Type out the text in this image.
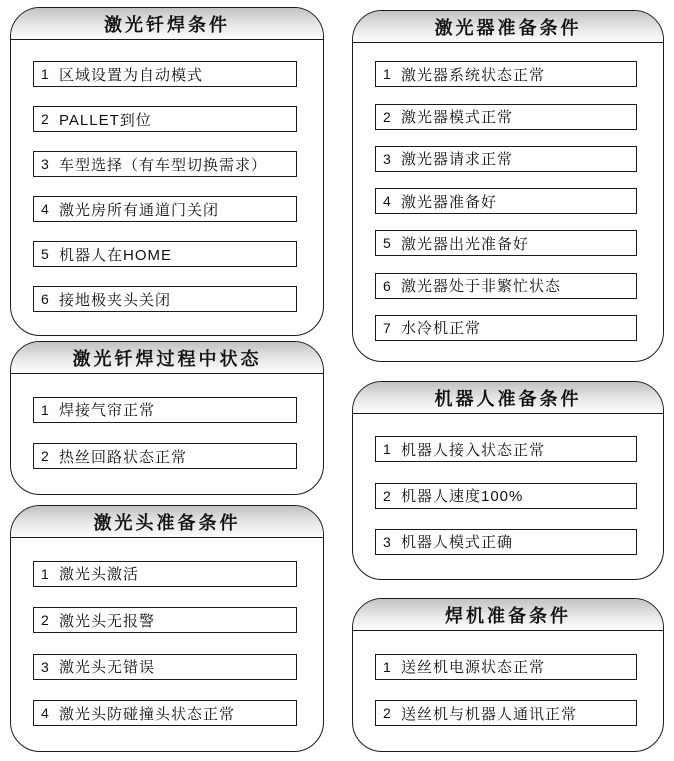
激光钎焊条件
1 区域设置为自动模式
2 PALLET到位
3 车型选择（有车型切换需求）
4 激光房所有通道门关闭
5 机器人在HOME
6 接地极夹头关闭
激光钎焊过程中状态
1 焊接气帘正常
2 热丝回路状态正常
激光头准备条件
1 激光头激活
2 激光头无报警
3 激光头无错误
4 激光头防碰撞头状态正常
激光器准备条件
1 激光器系统状态正常
2 激光器模式正常
3 激光器请求正常
4 激光器准备好
5 激光器出光准备好
6 激光器处于非繁忙状态
7 水冷机正常
机器人准备条件
1 机器人接入状态正常
2 机器人速度100%
3 机器人模式正确
焊机准备条件
1 送丝机电源状态正常
2 送丝机与机器人通讯正常
